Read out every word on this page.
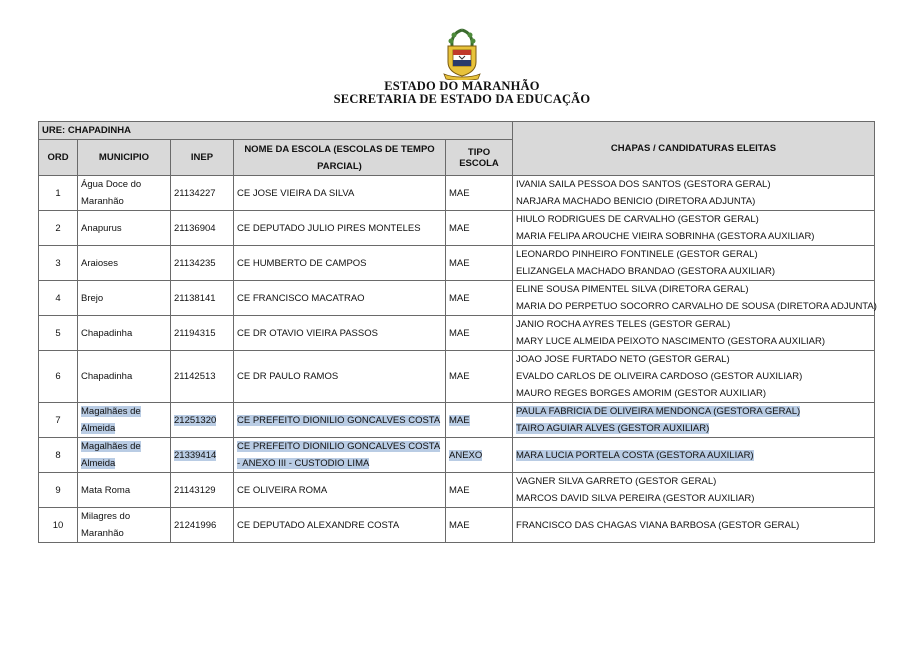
ESTADO DO MARANHÃO
SECRETARIA DE ESTADO DA EDUCAÇÃO
URE: CHAPADINHA					CHAPAS / CANDIDATURAS ELEITAS
ORD	MUNICIPIO	INEP	NOME DA ESCOLA (ESCOLAS DE TEMPO PARCIAL)	TIPO ESCOLA	
1	Água Doce do Maranhão	21134227	CE JOSE VIEIRA DA SILVA	MAE	IVANIA SAILA PESSOA DOS SANTOS (GESTORA GERAL)
NARJARA MACHADO BENICIO (DIRETORA ADJUNTA)

2	Anapurus	21136904	CE DEPUTADO JULIO PIRES MONTELES	MAE	HIULO RODRIGUES DE CARVALHO (GESTOR GERAL)
MARIA FELIPA AROUCHE VIEIRA SOBRINHA (GESTORA AUXILIAR)

3	Araioses	21134235	CE HUMBERTO DE CAMPOS	MAE	LEONARDO PINHEIRO FONTINELE (GESTOR GERAL)
ELIZANGELA MACHADO BRANDAO (GESTORA AUXILIAR)

4	Brejo	21138141	CE FRANCISCO MACATRAO	MAE	ELINE SOUSA PIMENTEL SILVA (DIRETORA GERAL)
MARIA DO PERPETUO SOCORRO CARVALHO DE SOUSA (DIRETORA ADJUNTA)

5	Chapadinha	21194315	CE DR OTAVIO VIEIRA PASSOS	MAE	JANIO ROCHA AYRES TELES (GESTOR GERAL)
MARY LUCE ALMEIDA PEIXOTO NASCIMENTO (GESTORA AUXILIAR)

6	Chapadinha	21142513	CE DR PAULO RAMOS	MAE	JOAO JOSE FURTADO NETO (GESTOR GERAL)
EVALDO CARLOS DE OLIVEIRA CARDOSO (GESTOR AUXILIAR)
MAURO REGES BORGES AMORIM (GESTOR AUXILIAR)

7	Magalhães de Almeida	21251320	CE PREFEITO DIONILIO GONCALVES COSTA	MAE	PAULA FABRICIA DE OLIVEIRA MENDONCA (GESTORA GERAL)
TAIRO AGUIAR ALVES (GESTOR AUXILIAR)

8	Magalhães de Almeida	21339414	CE PREFEITO DIONILIO GONCALVES COSTA - ANEXO III - CUSTODIO LIMA	ANEXO	MARA LUCIA PORTELA COSTA (GESTORA AUXILIAR)

9	Mata Roma	21143129	CE OLIVEIRA ROMA	MAE	VAGNER SILVA GARRETO (GESTOR GERAL)
MARCOS DAVID SILVA PEREIRA (GESTOR AUXILIAR)

10	Milagres do Maranhão	21241996	CE DEPUTADO ALEXANDRE COSTA	MAE	FRANCISCO DAS CHAGAS VIANA BARBOSA (GESTOR GERAL)
